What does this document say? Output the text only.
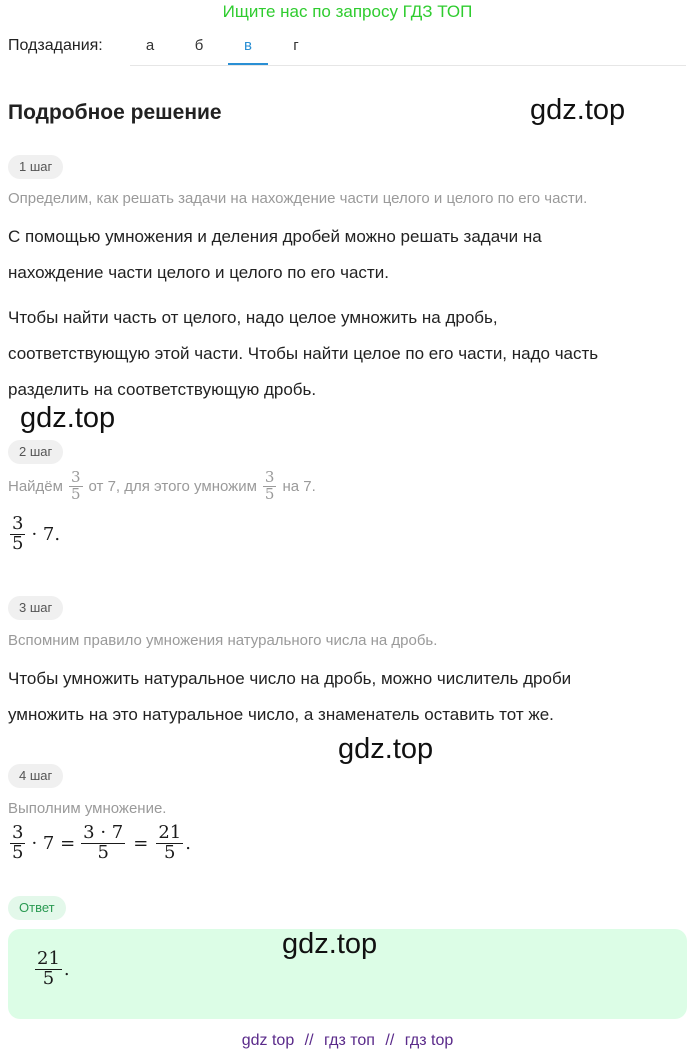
Ищите нас по запросу ГДЗ ТОП
Подзадания:	а	б	в	г
Подробное решение	gdz.top
1 шаг
Определим, как решать задачи на нахождение части целого и целого по его части.
С помощью умножения и деления дробей можно решать задачи на
нахождение части целого и целого по его части.
Чтобы найти часть от целого, надо целое умножить на дробь,
соответствующую этой части. Чтобы найти целое по его части, надо часть
разделить на соответствующую дробь.
gdz.top
2 шаг
Найдём $\frac{3}{5}$ от 7, для этого умножим $\frac{3}{5}$ на 7.
$\frac{3}{5} \cdot 7$.
3 шаг
Вспомним правило умножения натурального числа на дробь.
Чтобы умножить натуральное число на дробь, можно числитель дроби
умножить на это натуральное число, а знаменатель оставить тот же.
gdz.top
4 шаг
Выполним умножение.
$\frac{3}{5} \cdot 7 = \frac{3 \cdot 7}{5} = \frac{21}{5}$ .
Ответ
gdz.top
$\frac{21}{5}$ .
gdz top // гдз топ // гдз top
